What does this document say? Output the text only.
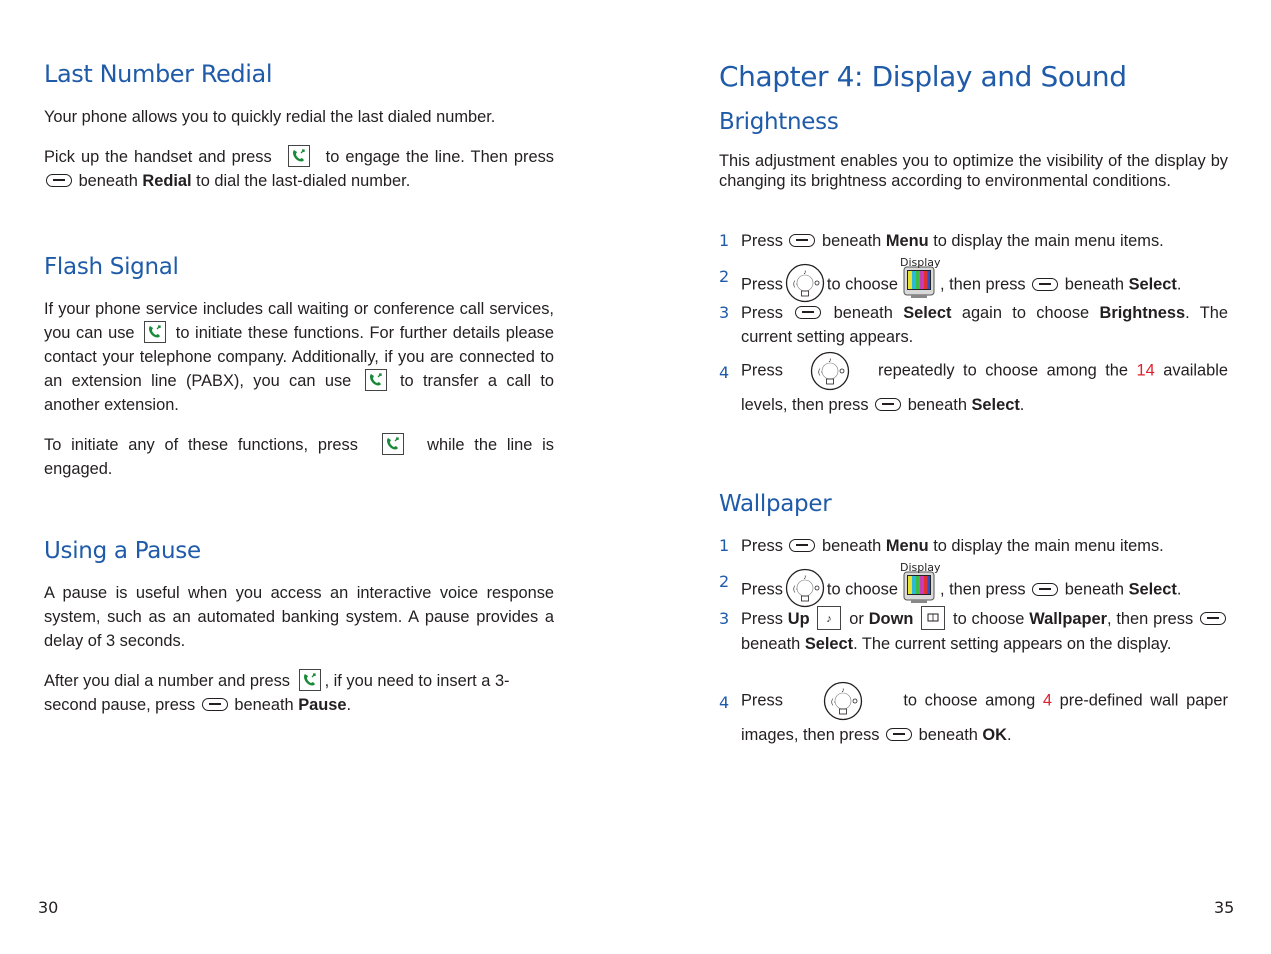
Last Number Redial

Your phone allows you to quickly redial the last dialed number.

Pick up the handset and press	to engage the line. Then press  beneath Redial to dial the last-dialed number.

Flash Signal

If your phone service includes call waiting or conference call services, you can use	to initiate these functions. For further details please contact your telephone company. Additionally, if you are connected to an extension line (PABX), you can use	to transfer a call to another extension.

To initiate any of these functions, press	while the line is engaged.

Using a Pause

A pause is useful when you access an interactive voice response system, such as an automated banking system. A pause provides a delay of 3 seconds.

After you dial a number and press , if you need to insert a 3-second pause, press beneath Pause.

30
Chapter 4: Display and Sound
Brightness

This adjustment enables you to optimize the visibility of the display by changing its brightness according to environmental conditions.

1 Press beneath Menu to display the main menu items.
2 Press
♪
(· to choose
Display
, then press beneath Select.
3 Press	beneath Select again to choose Brightness. The current setting appears.
4 Press
♪
(·	repeatedly to choose among the 14 available levels, then press beneath Select.
Wallpaper
1 Press beneath Menu to display the main menu items.
2 Press
♪
(· to choose
Display
, then press beneath Select.
3 Press Up ♪ or Down to choose Wallpaper, then press  beneath Select. The current setting appears on the display.
4 Press
♪
(·	to choose among 4 pre-defined wall paper images, then press beneath OK.
35
